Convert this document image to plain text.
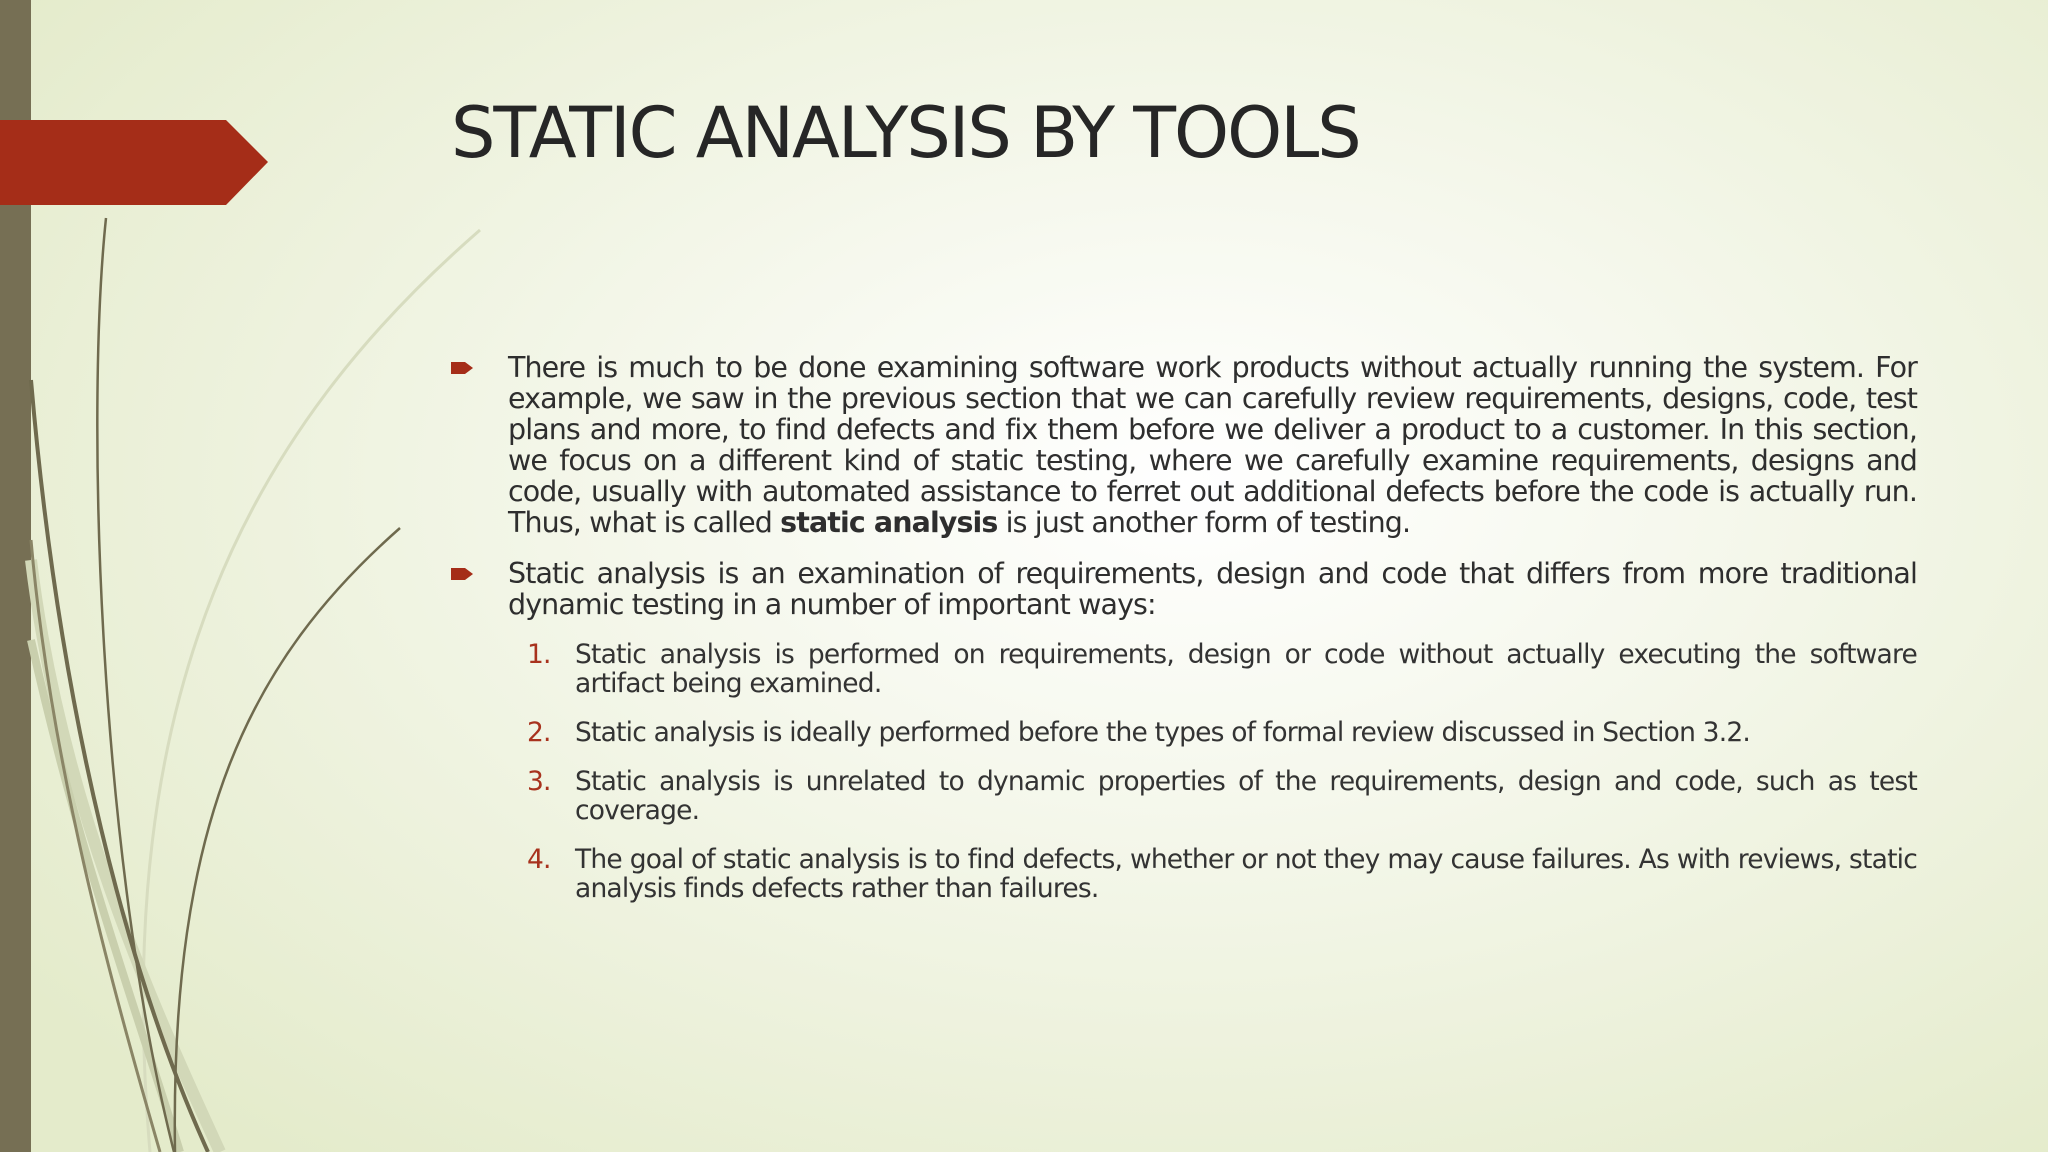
STATIC ANALYSIS BY TOOLS

There is much to be done examining software work products without actually running the system. For example, we saw in the previous section that we can carefully review requirements, designs, code, test plans and more, to find defects and fix them before we deliver a product to a customer. In this section, we focus on a different kind of static testing, where we carefully examine requirements, designs and code, usually with automated assistance to ferret out additional defects before the code is actually run. Thus, what is called static analysis is just another form of testing.

Static analysis is an examination of requirements, design and code that differs from more traditional dynamic testing in a number of important ways:

1. Static analysis is performed on requirements, design or code without actually executing the software artifact being examined.
2. Static analysis is ideally performed before the types of formal review discussed in Section 3.2.
3. Static analysis is unrelated to dynamic properties of the requirements, design and code, such as test coverage.
4. The goal of static analysis is to find defects, whether or not they may cause failures. As with reviews, static analysis finds defects rather than failures.
